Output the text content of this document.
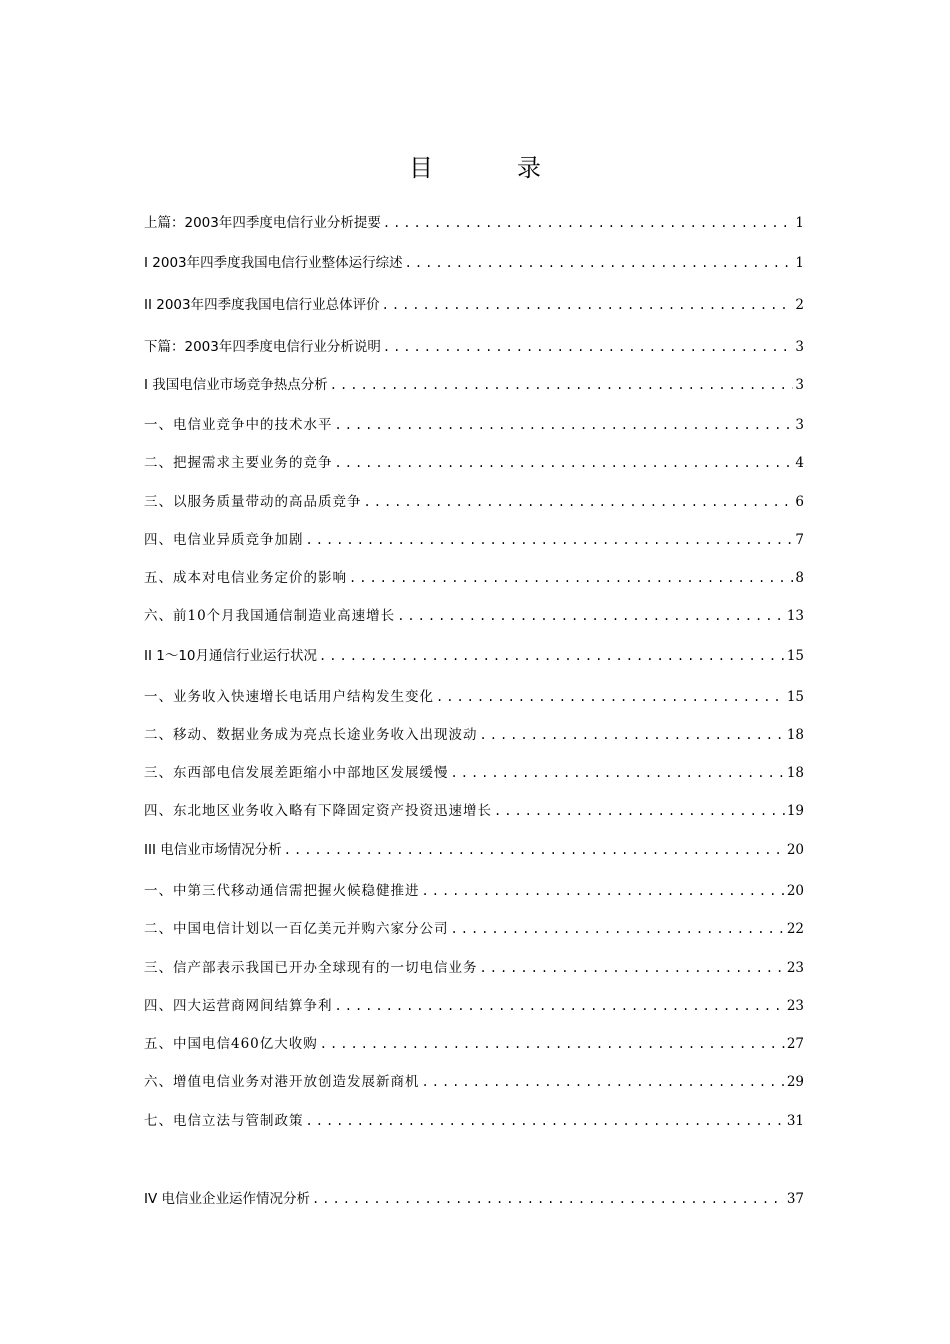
目　录
上篇：2003年四季度电信行业分析提要 .....	1
I 2003年四季度我国电信行业整体运行综述 .....	1
II 2003年四季度我国电信行业总体评价 .....	2
下篇：2003年四季度电信行业分析说明 .....	3
I 我国电信业市场竞争热点分析 .....	3
一、电信业竞争中的技术水平 .....	3
二、把握需求主要业务的竞争 .....	4
三、以服务质量带动的高品质竞争 .....	6
四、电信业异质竞争加剧 .....	7
五、成本对电信业务定价的影响 .....	8
六、前10个月我国通信制造业高速增长 .....	13
II 1～10月通信行业运行状况 .....	15
一、业务收入快速增长电话用户结构发生变化 .....	15
二、移动、数据业务成为亮点长途业务收入出现波动 .....	18
三、东西部电信发展差距缩小中部地区发展缓慢 .....	18
四、东北地区业务收入略有下降固定资产投资迅速增长 .....	19
III 电信业市场情况分析 .....	20
一、中第三代移动通信需把握火候稳健推进 .....	20
二、中国电信计划以一百亿美元并购六家分公司 .....	22
三、信产部表示我国已开办全球现有的一切电信业务 .....	23
四、四大运营商网间结算争利 .....	23
五、中国电信460亿大收购 .....	27
六、增值电信业务对港开放创造发展新商机 .....	29
七、电信立法与管制政策 .....	31
IV 电信业企业运作情况分析 .....	37
